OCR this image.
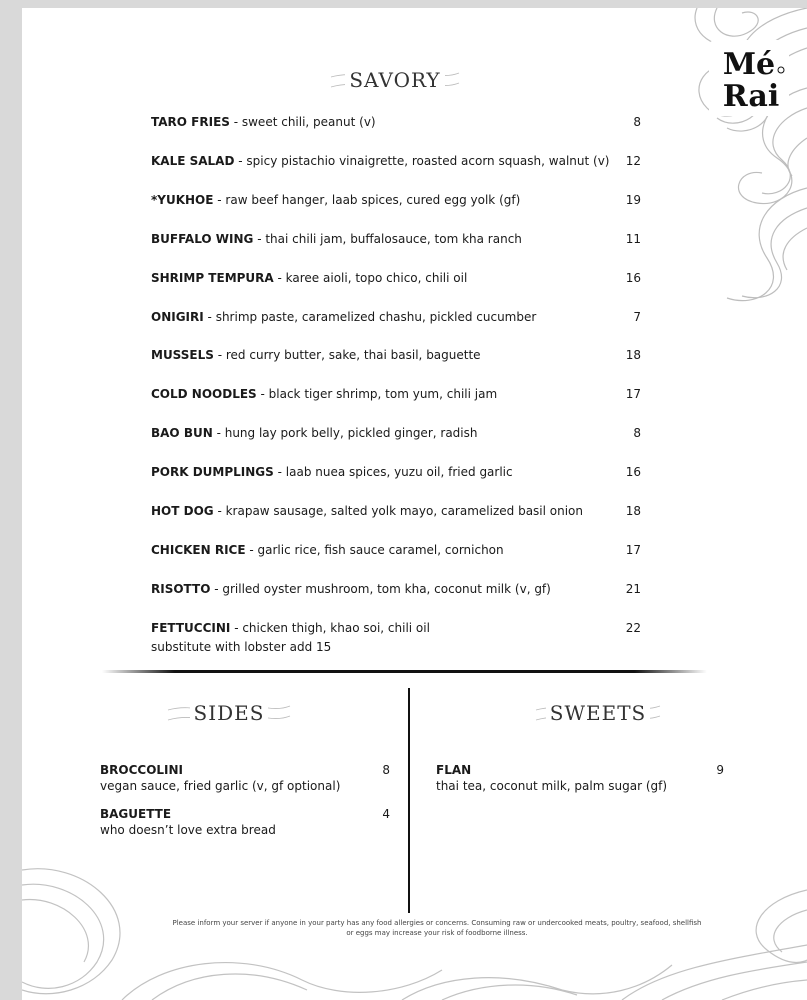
Mé
Rai
SAVORY
TARO FRIES - sweet chili, peanut (v)	8
KALE SALAD - spicy pistachio vinaigrette, roasted acorn squash, walnut (v) 12
*YUKHOE - raw beef hanger, laab spices, cured egg yolk (gf)	19
BUFFALO WING - thai chili jam, buffalosauce, tom kha ranch	11
SHRIMP TEMPURA - karee aioli, topo chico, chili oil	16
ONIGIRI - shrimp paste, caramelized chashu, pickled cucumber	7
MUSSELS - red curry butter, sake, thai basil, baguette	18
COLD NOODLES - black tiger shrimp, tom yum, chili jam	17
BAO BUN - hung lay pork belly, pickled ginger, radish	8
PORK DUMPLINGS - laab nuea spices, yuzu oil, fried garlic	16
HOT DOG - krapaw sausage, salted yolk mayo, caramelized basil onion	18
CHICKEN RICE - garlic rice, fish sauce caramel, cornichon	17
RISOTTO - grilled oyster mushroom, tom kha, coconut milk (v, gf)	21
FETTUCCINI - chicken thigh, khao soi, chili oil	22
substitute with lobster add 15
SIDES	SWEETS
BROCCOLINI
vegan sauce, fried garlic (v, gf optional)
8
BAGUETTE
who doesn’t love extra bread
4
FLAN
thai tea, coconut milk, palm sugar (gf)
9
Please inform your server if anyone in your party has any food allergies or concerns. Consuming raw or undercooked meats, poultry, seafood, shellfish or eggs may increase your risk of foodborne illness.
